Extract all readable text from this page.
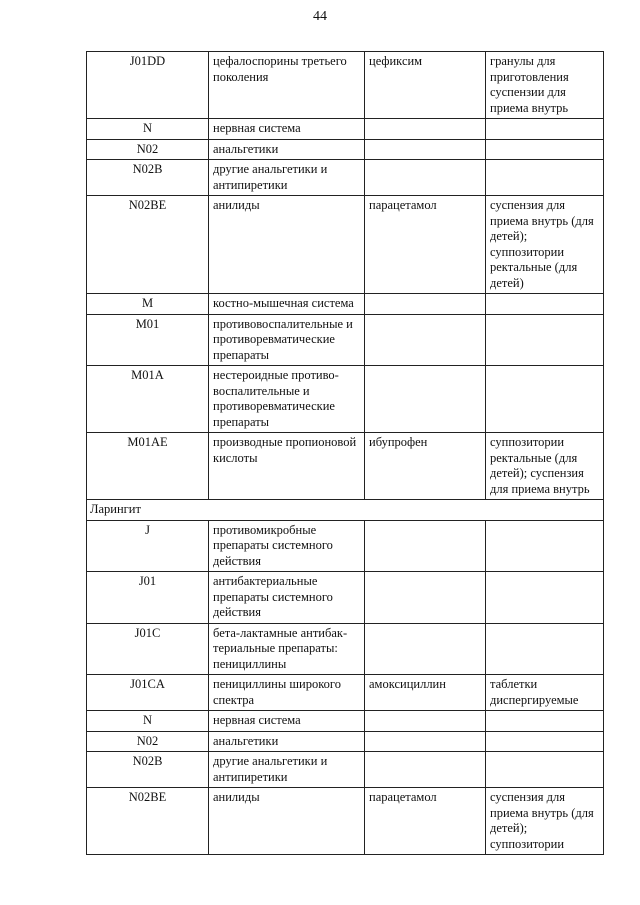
44
J01DD	цефалоспорины третьего поколения	цефиксим	гранулы для приготовления суспензии для приема внутрь
N	нервная система		
N02	анальгетики		
N02B	другие анальгетики и антипиретики		
N02BE	анилиды	парацетамол	суспензия для приема внутрь (для детей); суппозитории ректальные (для детей)
M	костно-мышечная система		
M01	противовоспалительные и противоревматические препараты		
M01A	нестероидные противо-воспалительные и противоревматические препараты		
M01AE	производные пропионовой кислоты	ибупрофен	суппозитории ректальные (для детей); суспензия для приема внутрь
Ларингит			
J	противомикробные препараты системного действия		
J01	антибактериальные препараты системного действия		
J01C	бета-лактамные антибак-териальные препараты: пенициллины		
J01CA	пенициллины широкого спектра	амоксициллин	таблетки диспергируемые
N	нервная система		
N02	анальгетики		
N02B	другие анальгетики и антипиретики		
N02BE	анилиды	парацетамол	суспензия для приема внутрь (для детей); суппозитории
